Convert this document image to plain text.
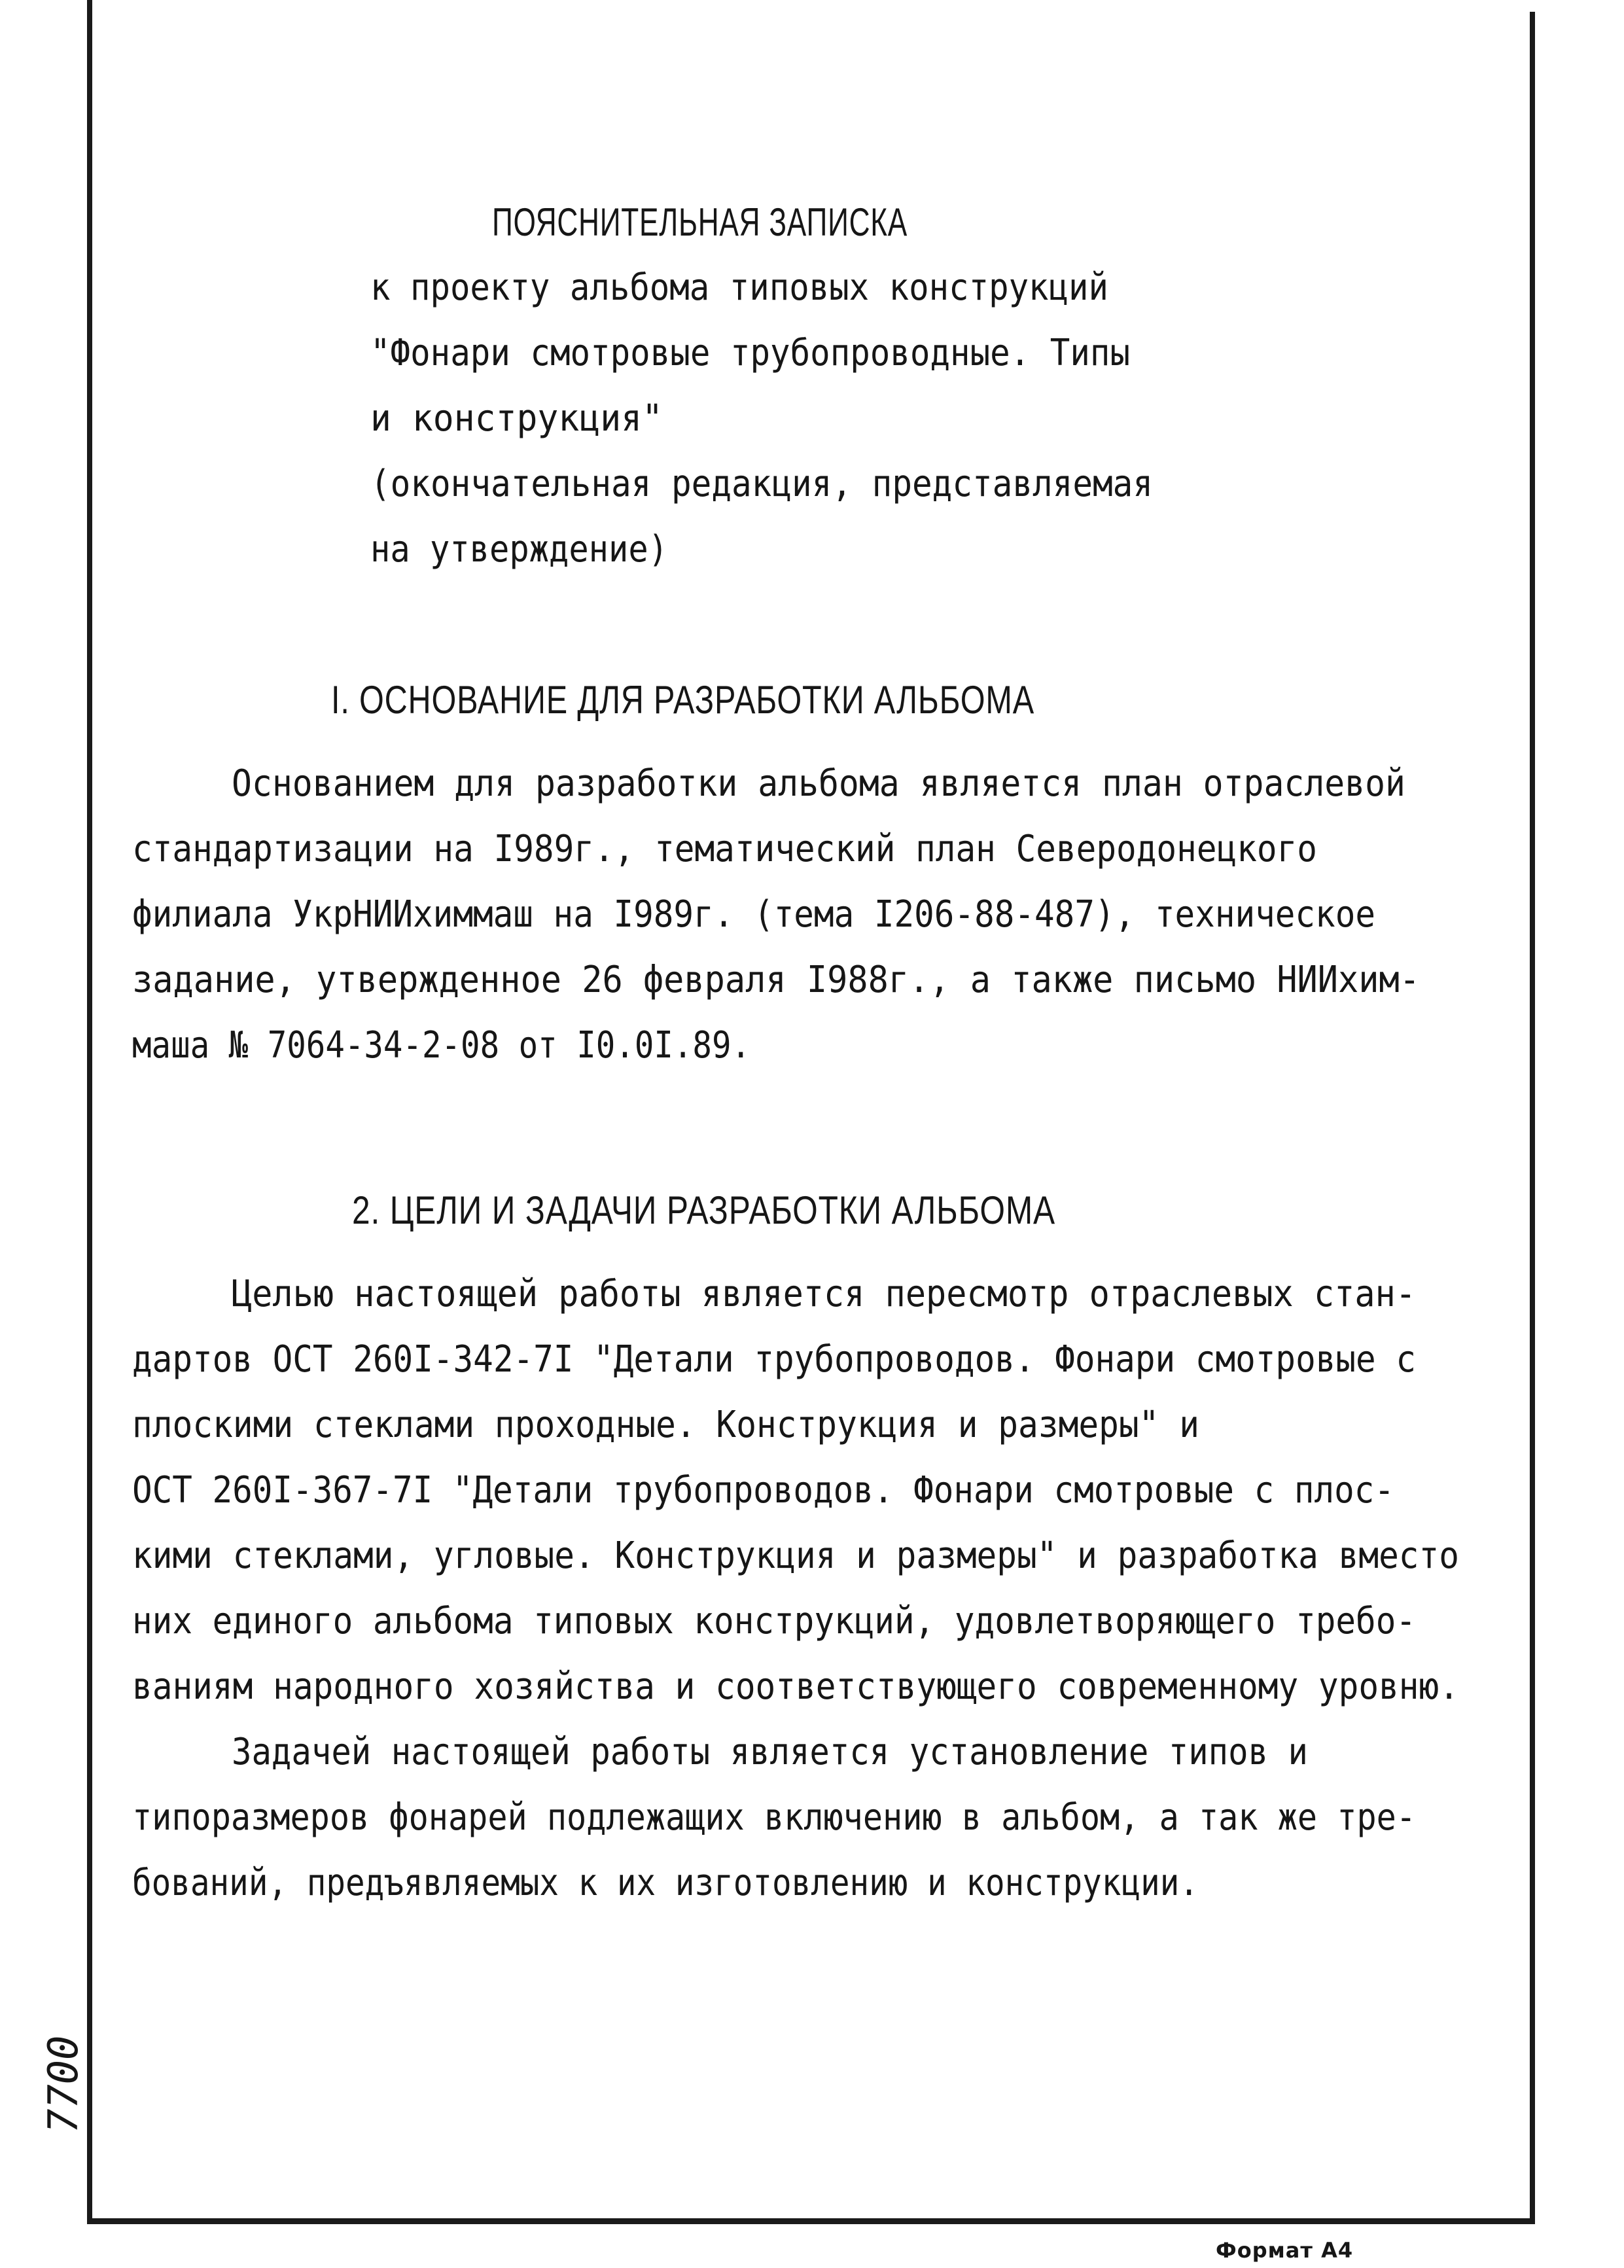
ПОЯСНИТЕЛЬНАЯ ЗАПИСКА
к проекту альбома типовых конструкций
"Фонари смотровые трубопроводные. Типы
и конструкция"
(окончательная редакция, представляемая
на утверждение)
I. ОСНОВАНИЕ ДЛЯ РАЗРАБОТКИ АЛЬБОМА
Основанием для разработки альбома является план отраслевой
стандартизации на I989г., тематический план Северодонецкого
филиала УкрНИИхиммаш на I989г. (тема I206-88-487), техническое
задание, утвержденное 26 февраля I988г., а также письмо НИИхим-
маша № 7064-34-2-08 от I0.0I.89.
2. ЦЕЛИ И ЗАДАЧИ РАЗРАБОТКИ АЛЬБОМА
Целью настоящей работы является пересмотр отраслевых стан-
дартов ОСТ 260I-342-7I "Детали трубопроводов. Фонари смотровые с
плоскими стеклами проходные. Конструкция и размеры" и
ОСТ 260I-367-7I "Детали трубопроводов. Фонари смотровые с плос-
кими стеклами, угловые. Конструкция и размеры" и разработка вместо
них единого альбома типовых конструкций, удовлетворяющего требо-
ваниям народного хозяйства и соответствующего современному уровню.
Задачей настоящей работы является установление типов и
типоразмеров фонарей подлежащих включению в альбом, а так же тре-
бований, предъявляемых к их изготовлению и конструкции.
7700
Формат А4
